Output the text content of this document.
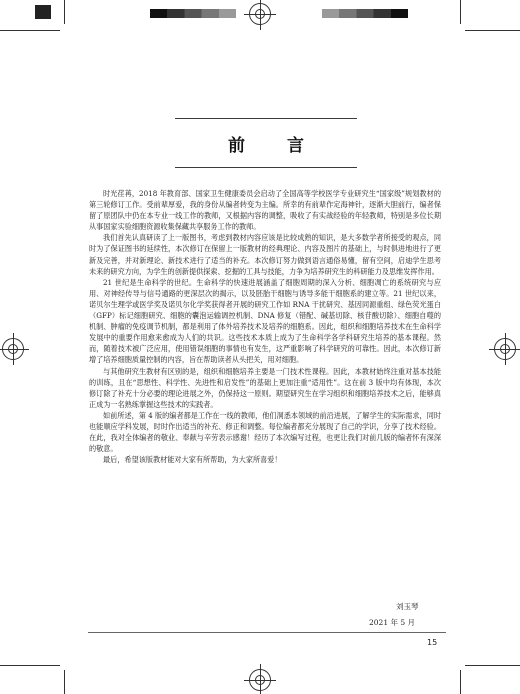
前 言

时光荏苒，2018 年教育部、国家卫生健康委员会启动了全国高等学校医学专业研究生“国家级”规划教材的第三轮修订工作。受前辈厚爱，我的身份从编者转变为主编。所幸的有前辈作定海神针，逐渐大胆前行，编者保留了原团队中仍在本专业一线工作的教师，又根据内容的调整，吸收了有实战经验的年轻教师，特别是多位长期从事国家实验细胞资源收集保藏共享服务工作的教师。

我们首先认真研读了上一版图书，考虑到教材内容应该是比较成熟的知识，是大多数学者所接受的观点，同时为了保证图书的延续性，本次修订在保留上一版教材的经典理论、内容及图片的基础上，与时俱进地进行了更新及完善，并对新理论、新技术进行了适当的补充。本次修订努力做到语言通俗易懂，留有空间，启迪学生思考未来的研究方向，为学生的创新提供探索、挖掘的工具与技能，力争为培养研究生的科研能力及思维发挥作用。

21 世纪是生命科学的世纪。生命科学的快速进展涵盖了细胞周期的深入分析、细胞凋亡的系统研究与应用、对神经传导与信号通路的更深层次的揭示，以及胚胎干细胞与诱导多能干细胞系的建立等。21 世纪以来，诺贝尔生理学或医学奖及诺贝尔化学奖获得者开展的研究工作如 RNA 干扰研究、基因同源重组、绿色荧光蛋白（GFP）标记细胞研究、细胞的囊泡运输调控机制、DNA 修复（错配、碱基切除、核苷酸切除）、细胞自噬的机制、肿瘤的免疫调节机制，都是利用了体外培养技术及培养的细胞系。因此，组织和细胞培养技术在生命科学发展中的重要作用愈来愈成为人们的共识。这些技术本质上成为了生命科学各学科研究生培养的基本课程。然而，随着技术被广泛应用，使用错误细胞的事情也有发生，这严重影响了科学研究的可靠性。因此，本次修订新增了培养细胞质量控制的内容，旨在帮助读者从头把关，用对细胞。

与其他研究生教材有区别的是，组织和细胞培养主要是一门技术性课程。因此，本教材始终注重对基本技能的训练，且在“思想性、科学性、先进性和启发性”的基础上更加注重“适用性”。这在前 3 版中均有体现，本次修订除了补充十分必要的理论进展之外，仍保持这一原则。期望研究生在学习组织和细胞培养技术之后，能够真正成为一名熟练掌握这些技术的实践者。

如前所述，第 4 版的编者都是工作在一线的教师，他们洞悉本领域的前沿进展，了解学生的实际需求，同时也能顺应学科发展，时时作出适当的补充、修正和调整。每位编者都充分展现了自己的学识，分享了技术经验。在此，我对全体编者的敬业、奉献与辛劳表示感谢！经历了本次编写过程，也更让我们对前几版的编者怀有深深的敬意。

最后，希望该版教材能对大家有所帮助，为大家所喜爱！

刘玉琴
2021 年 5 月
15
